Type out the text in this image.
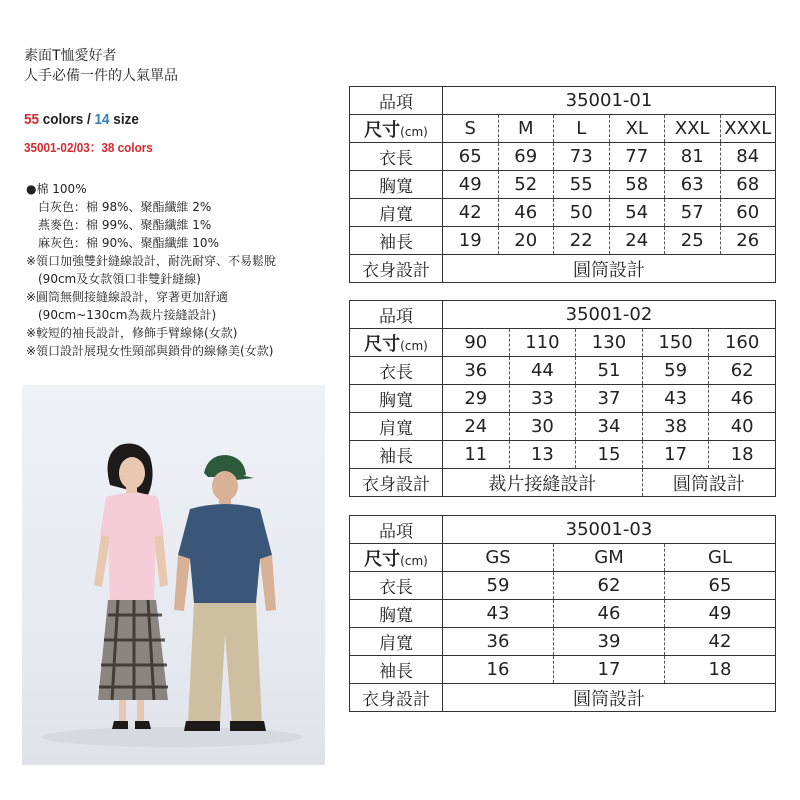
素面T恤愛好者
人手必備一件的人氣單品
55 colors / 14 size
35001-02/03：38 colors
●棉 100%
白灰色：棉 98%、聚酯纖維 2%
燕麥色：棉 99%、聚酯纖維 1%
麻灰色：棉 90%、聚酯纖維 10%
※領口加強雙針縫線設計，耐洗耐穿、不易鬆脫
(90cm及女款領口非雙針縫線)
※圓筒無側接縫線設計，穿著更加舒適
(90cm~130cm為裁片接縫設計)
※較短的袖長設計，修飾手臂線條(女款)
※領口設計展現女性頸部與鎖骨的線條美(女款)
品項	35001-01					
尺寸(cm)	S	M	L	XL	XXL	XXXL
衣長	65	69	73	77	81	84
胸寬	49	52	55	58	63	68
肩寬	42	46	50	54	57	60
袖長	19	20	22	24	25	26
衣身設計	圓筒設計					
品項	35001-02				
尺寸(cm)	90	110	130	150	160
衣長	36	44	51	59	62
胸寬	29	33	37	43	46
肩寬	24	30	34	38	40
袖長	11	13	15	17	18
衣身設計	裁片接縫設計			圓筒設計	
品項	35001-03		
尺寸(cm)	GS	GM	GL
衣長	59	62	65
胸寬	43	46	49
肩寬	36	39	42
袖長	16	17	18
衣身設計	圓筒設計		
